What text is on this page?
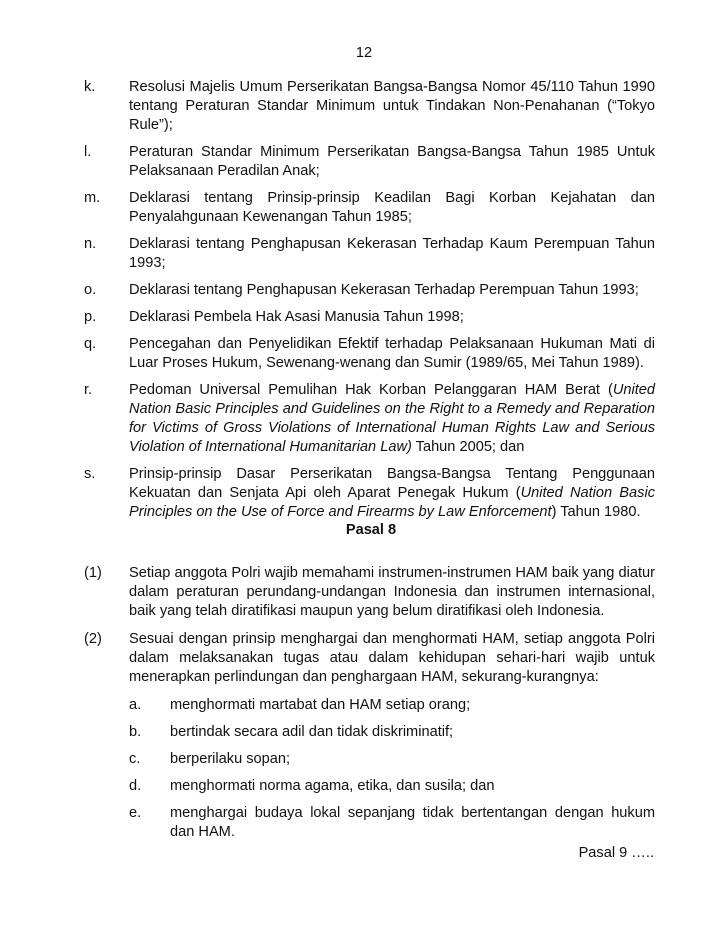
12
k. Resolusi Majelis Umum Perserikatan Bangsa-Bangsa Nomor 45/110 Tahun 1990 tentang Peraturan Standar Minimum untuk Tindakan Non-Penahanan (“Tokyo Rule”);
l.	Peraturan Standar Minimum Perserikatan Bangsa-Bangsa Tahun 1985 Untuk Pelaksanaan Peradilan Anak;
m. Deklarasi tentang Prinsip-prinsip Keadilan Bagi Korban Kejahatan dan Penyalahgunaan Kewenangan Tahun 1985;
n. Deklarasi tentang Penghapusan Kekerasan Terhadap Kaum Perempuan Tahun 1993;
o. Deklarasi tentang Penghapusan Kekerasan Terhadap Perempuan Tahun 1993;
p. Deklarasi Pembela Hak Asasi Manusia Tahun 1998;
q. Pencegahan dan Penyelidikan Efektif terhadap Pelaksanaan Hukuman Mati di Luar Proses Hukum, Sewenang-wenang dan Sumir (1989/65, Mei Tahun 1989).
r.	Pedoman Universal Pemulihan Hak Korban Pelanggaran HAM Berat (United Nation Basic Principles and Guidelines on the Right to a Remedy and Reparation for Victims of Gross Violations of International Human Rights Law and Serious Violation of International Humanitarian Law) Tahun 2005; dan
s. Prinsip-prinsip Dasar Perserikatan Bangsa-Bangsa Tentang Penggunaan Kekuatan dan Senjata Api oleh Aparat Penegak Hukum (United Nation Basic Principles on the Use of Force and Firearms by Law Enforcement) Tahun 1980.
Pasal 8
(1) Setiap anggota Polri wajib memahami instrumen-instrumen HAM baik yang diatur dalam peraturan perundang-undangan Indonesia dan instrumen internasional, baik yang telah diratifikasi maupun yang belum diratifikasi oleh Indonesia.
(2) Sesuai dengan prinsip menghargai dan menghormati HAM, setiap anggota Polri dalam melaksanakan tugas atau dalam kehidupan sehari-hari wajib untuk menerapkan perlindungan dan penghargaan HAM, sekurang-kurangnya:
a. menghormati martabat dan HAM setiap orang;
b. bertindak secara adil dan tidak diskriminatif;
c. berperilaku sopan;
d. menghormati norma agama, etika, dan susila; dan
e. menghargai budaya lokal sepanjang tidak bertentangan dengan hukum dan HAM.
Pasal 9 …..
